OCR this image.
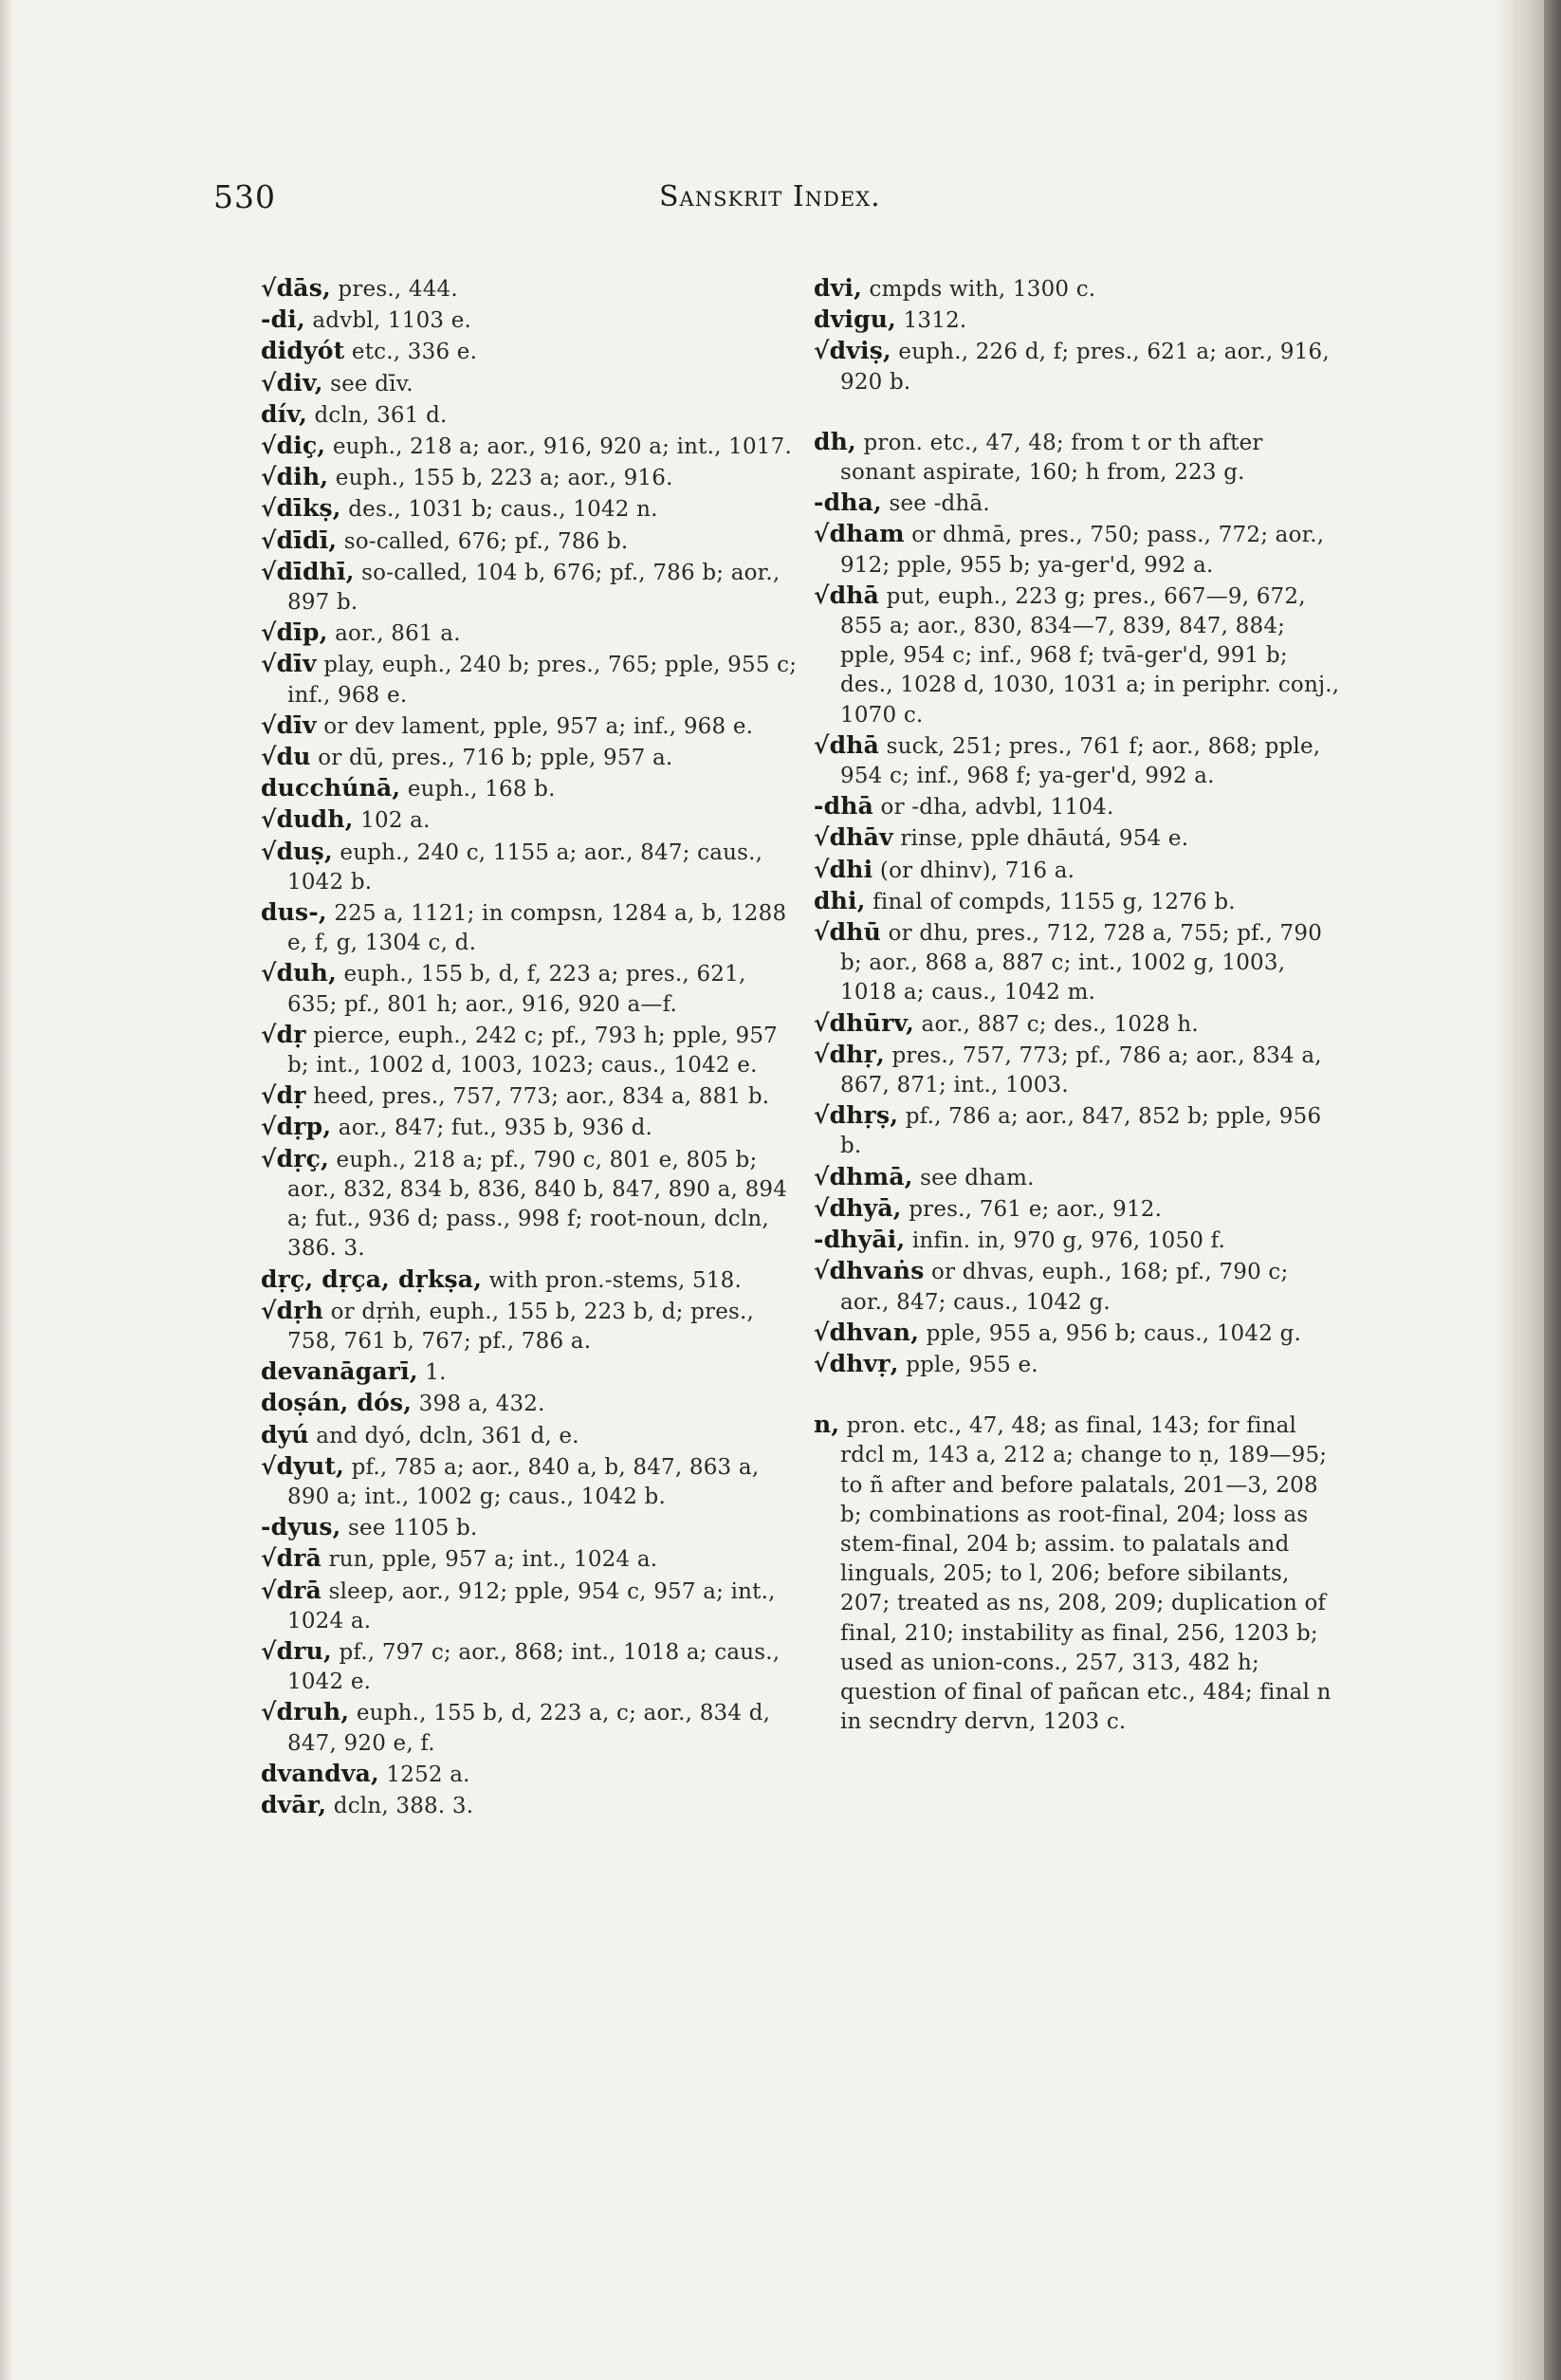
530	Sanskrit Index.

√dās, pres., 444.

-di, advbl, 1103 e.

didyót etc., 336 e.

√div, see dīv.

dív, dcln, 361 d.

√diç, euph., 218 a; aor., 916, 920 a; int., 1017.

√dih, euph., 155 b, 223 a; aor., 916.

√dīkṣ, des., 1031 b; caus., 1042 n.

√dīdī, so-called, 676; pf., 786 b.

√dīdhī, so-called, 104 b, 676; pf., 786 b; aor., 897 b.

√dīp, aor., 861 a.

√dīv play, euph., 240 b; pres., 765; pple, 955 c; inf., 968 e.

√dīv or dev lament, pple, 957 a; inf., 968 e.

√du or dū, pres., 716 b; pple, 957 a.

ducchúnā, euph., 168 b.

√dudh, 102 a.

√duṣ, euph., 240 c, 1155 a; aor., 847; caus., 1042 b.

dus-, 225 a, 1121; in compsn, 1284 a, b, 1288 e, f, g, 1304 c, d.

√duh, euph., 155 b, d, f, 223 a; pres., 621, 635; pf., 801 h; aor., 916, 920 a—f.

√dṛ pierce, euph., 242 c; pf., 793 h; pple, 957 b; int., 1002 d, 1003, 1023; caus., 1042 e.

√dṛ heed, pres., 757, 773; aor., 834 a, 881 b.

√dṛp, aor., 847; fut., 935 b, 936 d.

√dṛç, euph., 218 a; pf., 790 c, 801 e, 805 b; aor., 832, 834 b, 836, 840 b, 847, 890 a, 894 a; fut., 936 d; pass., 998 f; root-noun, dcln, 386. 3.

dṛç, dṛça, dṛkṣa, with pron.-stems, 518.

√dṛh or dṛṅh, euph., 155 b, 223 b, d; pres., 758, 761 b, 767; pf., 786 a.

devanāgarī, 1.

doṣán, dós, 398 a, 432.

dyú and dyó, dcln, 361 d, e.

√dyut, pf., 785 a; aor., 840 a, b, 847, 863 a, 890 a; int., 1002 g; caus., 1042 b.

-dyus, see 1105 b.

√drā run, pple, 957 a; int., 1024 a.

√drā sleep, aor., 912; pple, 954 c, 957 a; int., 1024 a.

√dru, pf., 797 c; aor., 868; int., 1018 a; caus., 1042 e.

√druh, euph., 155 b, d, 223 a, c; aor., 834 d, 847, 920 e, f.

dvandva, 1252 a.

dvār, dcln, 388. 3.

dvi, cmpds with, 1300 c.

dvigu, 1312.

√dviṣ, euph., 226 d, f; pres., 621 a; aor., 916, 920 b.

dh, pron. etc., 47, 48; from t or th after sonant aspirate, 160; h from, 223 g.

-dha, see -dhā.

√dham or dhmā, pres., 750; pass., 772; aor., 912; pple, 955 b; ya-ger'd, 992 a.

√dhā put, euph., 223 g; pres., 667—9, 672, 855 a; aor., 830, 834—7, 839, 847, 884; pple, 954 c; inf., 968 f; tvā-ger'd, 991 b; des., 1028 d, 1030, 1031 a; in periphr. conj., 1070 c.

√dhā suck, 251; pres., 761 f; aor., 868; pple, 954 c; inf., 968 f; ya-ger'd, 992 a.

-dhā or -dha, advbl, 1104.

√dhāv rinse, pple dhāutá, 954 e.

√dhi (or dhinv), 716 a.

dhi, final of compds, 1155 g, 1276 b.

√dhū or dhu, pres., 712, 728 a, 755; pf., 790 b; aor., 868 a, 887 c; int., 1002 g, 1003, 1018 a; caus., 1042 m.

√dhūrv, aor., 887 c; des., 1028 h.

√dhṛ, pres., 757, 773; pf., 786 a; aor., 834 a, 867, 871; int., 1003.

√dhṛṣ, pf., 786 a; aor., 847, 852 b; pple, 956 b.

√dhmā, see dham.

√dhyā, pres., 761 e; aor., 912.

-dhyāi, infin. in, 970 g, 976, 1050 f.

√dhvaṅs or dhvas, euph., 168; pf., 790 c; aor., 847; caus., 1042 g.

√dhvan, pple, 955 a, 956 b; caus., 1042 g.

√dhvṛ, pple, 955 e.

n, pron. etc., 47, 48; as final, 143; for final rdcl m, 143 a, 212 a; change to ṇ, 189—95; to ñ after and before palatals, 201—3, 208 b; combinations as root-final, 204; loss as stem-final, 204 b; assim. to palatals and linguals, 205; to l, 206; before sibilants, 207; treated as ns, 208, 209; duplication of final, 210; instability as final, 256, 1203 b; used as union-cons., 257, 313, 482 h; question of final of pañcan etc., 484; final n in secndry dervn, 1203 c.
